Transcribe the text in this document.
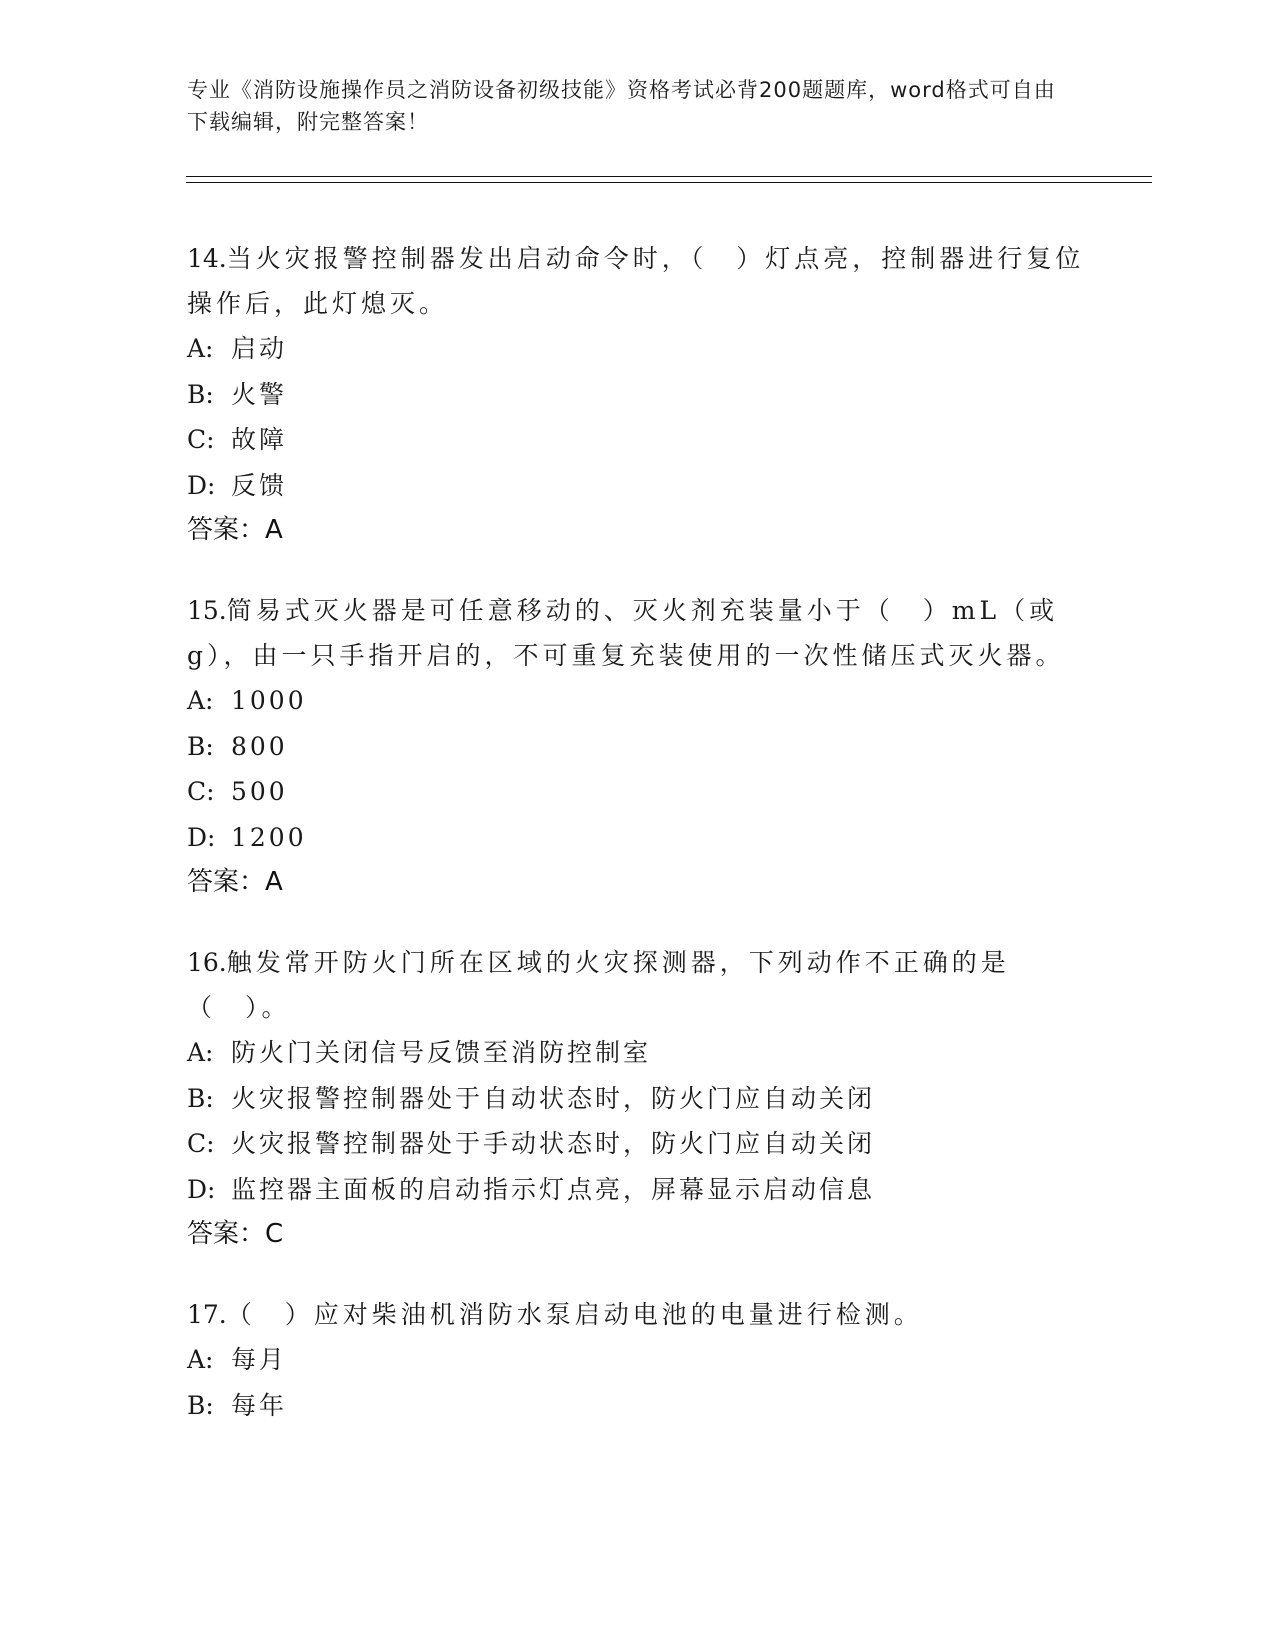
专业《消防设施操作员之消防设备初级技能》资格考试必背200题题库，word格式可自由下载编辑，附完整答案！

14.当火灾报警控制器发出启动命令时，（　）灯点亮，控制器进行复位操作后，此灯熄灭。

A: 启动
B: 火警
C: 故障
D: 反馈
答案：A

15.简易式灭火器是可任意移动的、灭火剂充装量小于（　）mL（或g），由一只手指开启的，不可重复充装使用的一次性储压式灭火器。

A: 1000
B: 800
C: 500
D: 1200
答案：A

16.触发常开防火门所在区域的火灾探测器，下列动作不正确的是（　）。

A: 防火门关闭信号反馈至消防控制室
B: 火灾报警控制器处于自动状态时，防火门应自动关闭
C: 火灾报警控制器处于手动状态时，防火门应自动关闭
D: 监控器主面板的启动指示灯点亮，屏幕显示启动信息
答案：C

17.（　）应对柴油机消防水泵启动电池的电量进行检测。

A: 每月
B: 每年
